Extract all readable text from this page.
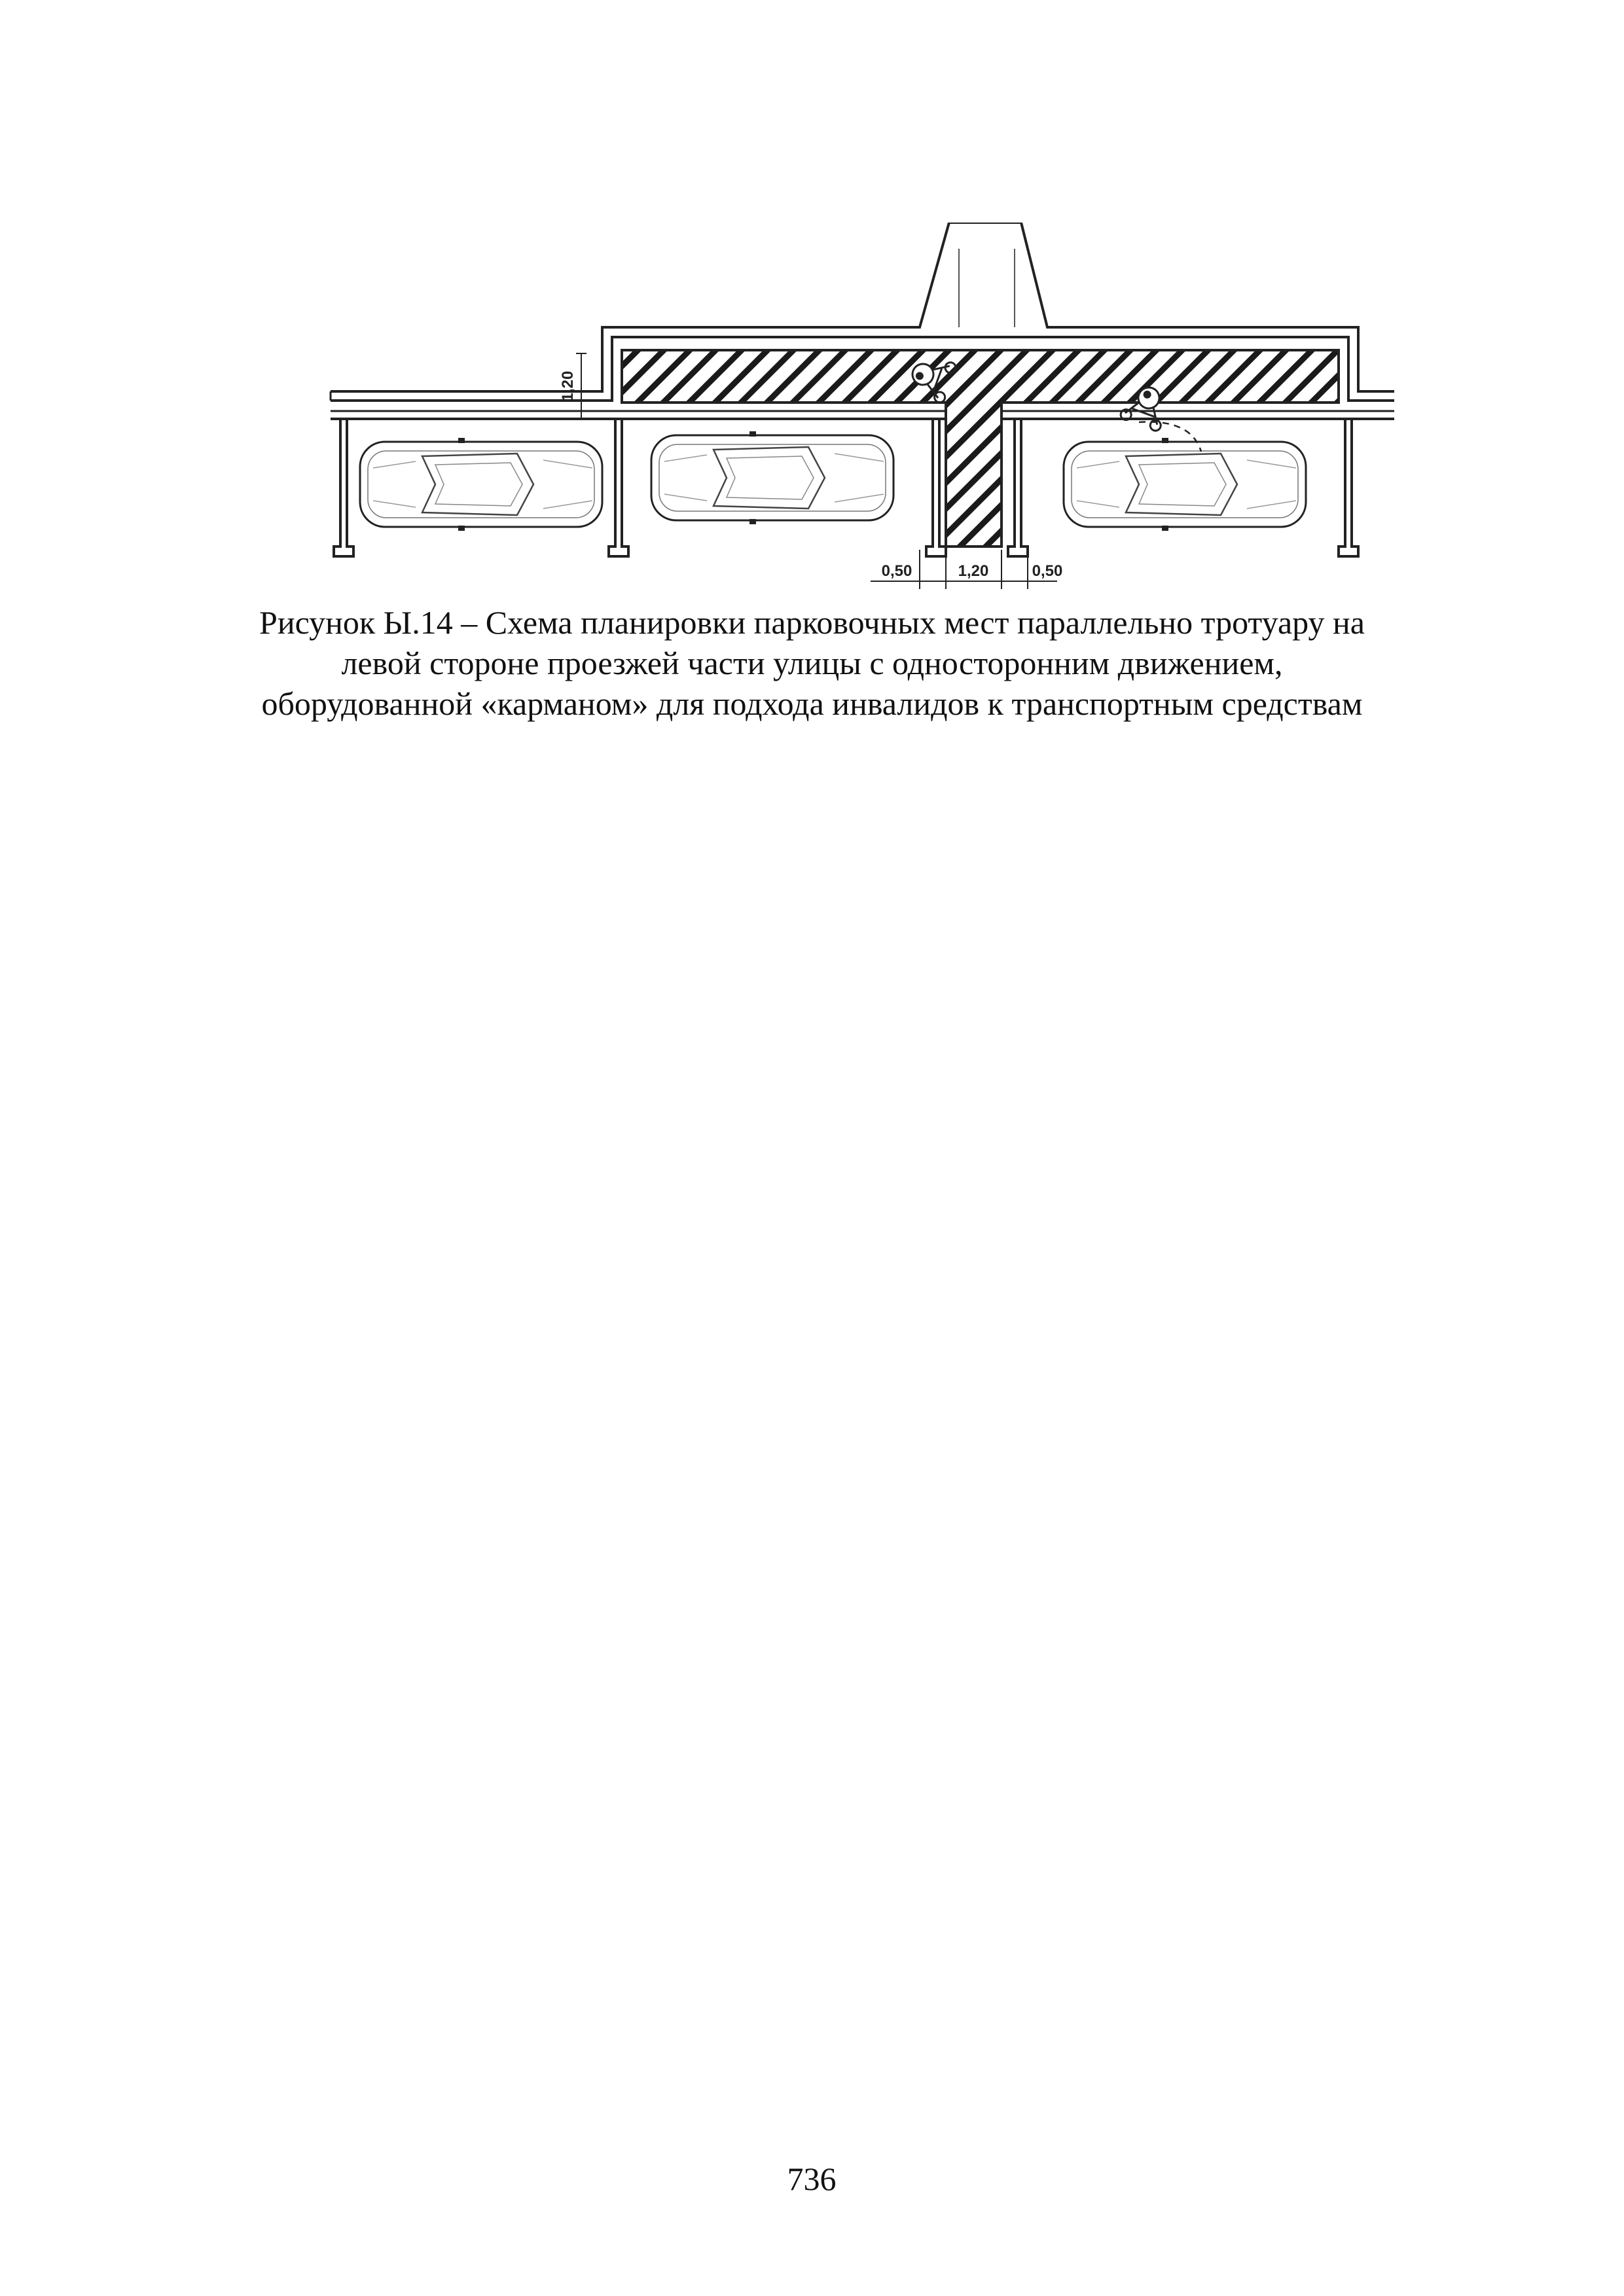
1,20
0,50	1,20	0,50
Рисунок Ы.14 – Схема планировки парковочных мест параллельно тротуару на
левой стороне проезжей части улицы с односторонним движением,
оборудованной «карманом» для подхода инвалидов к транспортным средствам
736
